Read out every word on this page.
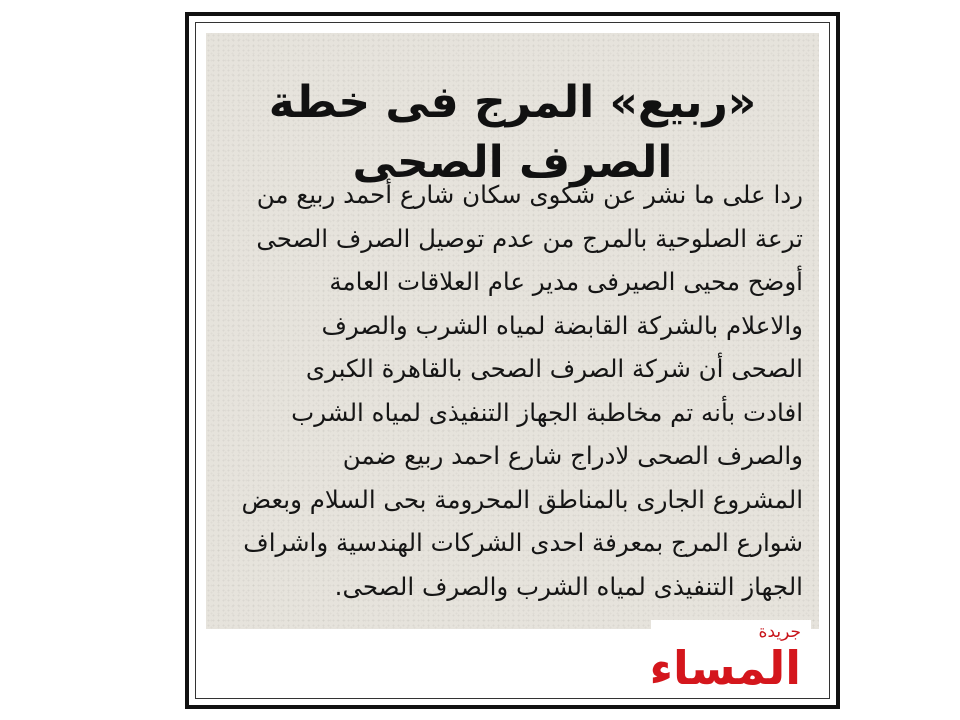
«ربيع» المرج فى خطة الصرف الصحى
ردا على ما نشر عن شكوى سكان شارع أحمد ربيع من
ترعة الصلوحية بالمرج من عدم توصيل الصرف الصحى
أوضح محيى الصيرفى مدير عام العلاقات العامة
والاعلام بالشركة القابضة لمياه الشرب والصرف
الصحى أن شركة الصرف الصحى بالقاهرة الكبرى
افادت بأنه تم مخاطبة الجهاز التنفيذى لمياه الشرب
والصرف الصحى لادراج شارع احمد ربيع ضمن
المشروع الجارى بالمناطق المحرومة بحى السلام وبعض
شوارع المرج بمعرفة احدى الشركات الهندسية واشراف
الجهاز التنفيذى لمياه الشرب والصرف الصحى.
جريدة
المساء
